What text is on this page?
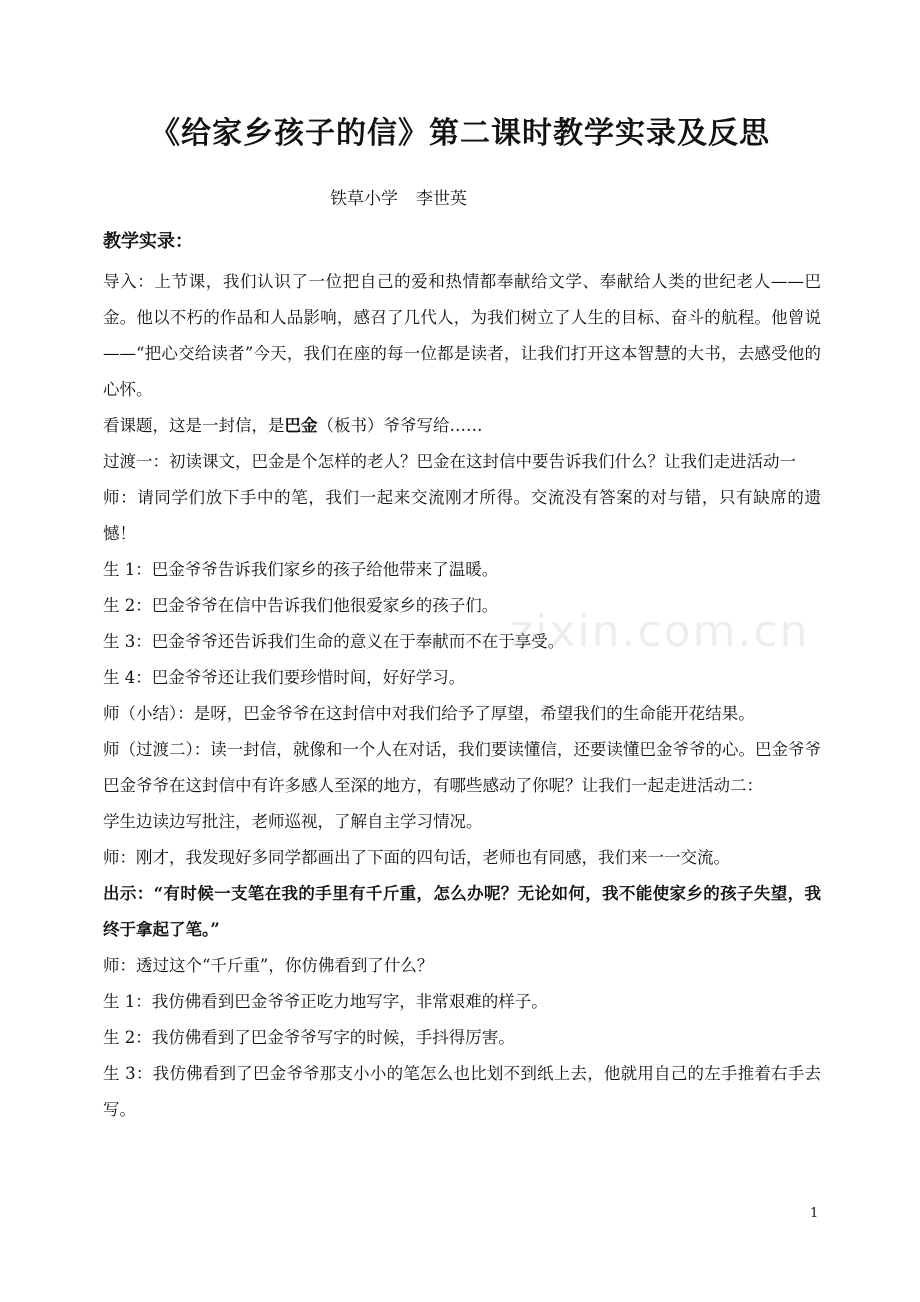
《给家乡孩子的信》第二课时教学实录及反思
铁草小学 李世英
教学实录：
zixin.com.cn

导入：上节课，我们认识了一位把自己的爱和热情都奉献给文学、奉献给人类的世纪老人——巴金。他以不朽的作品和人品影响，感召了几代人，为我们树立了人生的目标、奋斗的航程。他曾说——“把心交给读者”今天，我们在座的每一位都是读者，让我们打开这本智慧的大书，去感受他的心怀。

看课题，这是一封信，是巴金（板书）爷爷写给……

过渡一：初读课文，巴金是个怎样的老人？巴金在这封信中要告诉我们什么？让我们走进活动一

师：请同学们放下手中的笔，我们一起来交流刚才所得。交流没有答案的对与错，只有缺席的遗憾！

生 1：巴金爷爷告诉我们家乡的孩子给他带来了温暖。

生 2：巴金爷爷在信中告诉我们他很爱家乡的孩子们。

生 3：巴金爷爷还告诉我们生命的意义在于奉献而不在于享受。

生 4：巴金爷爷还让我们要珍惜时间，好好学习。

师（小结）：是呀，巴金爷爷在这封信中对我们给予了厚望，希望我们的生命能开花结果。

师（过渡二）：读一封信，就像和一个人在对话，我们要读懂信，还要读懂巴金爷爷的心。巴金爷爷巴金爷爷在这封信中有许多感人至深的地方，有哪些感动了你呢？让我们一起走进活动二：

学生边读边写批注，老师巡视，了解自主学习情况。

师：刚才，我发现好多同学都画出了下面的四句话，老师也有同感，我们来一一交流。

出示：“有时候一支笔在我的手里有千斤重，怎么办呢？无论如何，我不能使家乡的孩子失望，我终于拿起了笔。”

师：透过这个“千斤重”，你仿佛看到了什么？

生 1：我仿佛看到巴金爷爷正吃力地写字，非常艰难的样子。

生 2：我仿佛看到了巴金爷爷写字的时候，手抖得厉害。

生 3：我仿佛看到了巴金爷爷那支小小的笔怎么也比划不到纸上去，他就用自己的左手推着右手去写。

1
